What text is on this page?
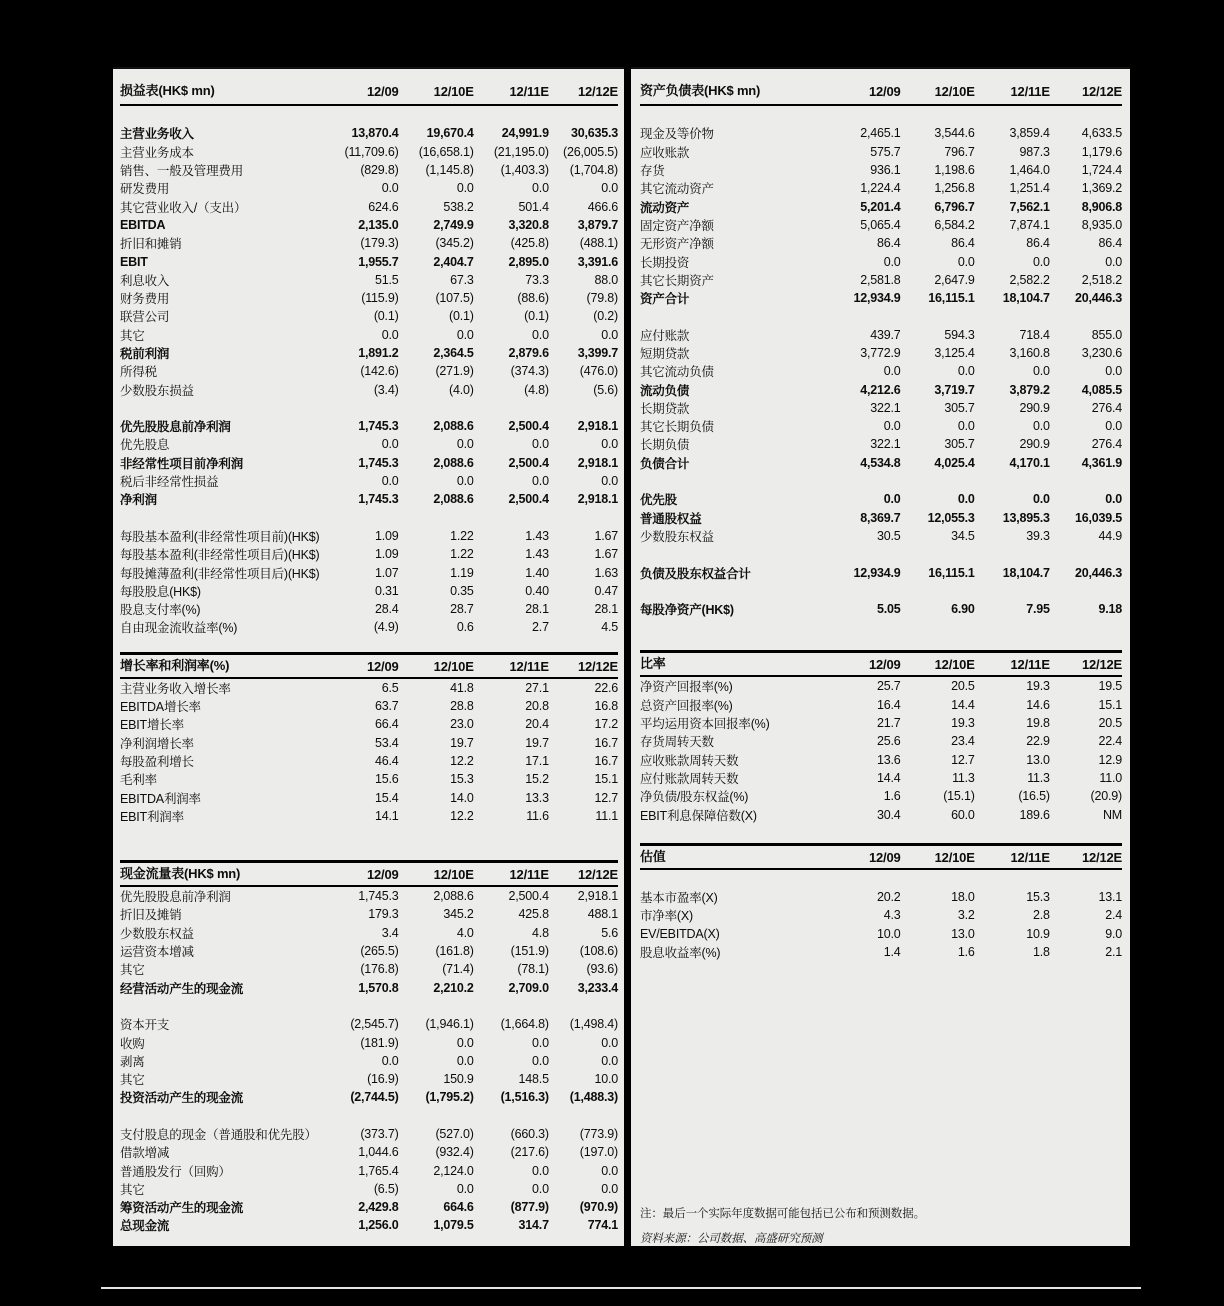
损益表(HK$ mn)	12/09	12/10E	12/11E	12/12E

主营业务收入	13,870.4	19,670.4	24,991.9	30,635.3
主营业务成本	(11,709.6)	(16,658.1)	(21,195.0)	(26,005.5)
销售、一般及管理费用	(829.8)	(1,145.8)	(1,403.3)	(1,704.8)
研发费用	0.0	0.0	0.0	0.0
其它营业收入/（支出）	624.6	538.2	501.4	466.6
EBITDA	2,135.0	2,749.9	3,320.8	3,879.7
折旧和摊销	(179.3)	(345.2)	(425.8)	(488.1)
EBIT	1,955.7	2,404.7	2,895.0	3,391.6
利息收入	51.5	67.3	73.3	88.0
财务费用	(115.9)	(107.5)	(88.6)	(79.8)
联营公司	(0.1)	(0.1)	(0.1)	(0.2)
其它	0.0	0.0	0.0	0.0
税前利润	1,891.2	2,364.5	2,879.6	3,399.7
所得税	(142.6)	(271.9)	(374.3)	(476.0)
少数股东损益	(3.4)	(4.0)	(4.8)	(5.6)

优先股股息前净利润	1,745.3	2,088.6	2,500.4	2,918.1
优先股息	0.0	0.0	0.0	0.0
非经常性项目前净利润	1,745.3	2,088.6	2,500.4	2,918.1
税后非经常性损益	0.0	0.0	0.0	0.0
净利润	1,745.3	2,088.6	2,500.4	2,918.1

每股基本盈利(非经常性项目前)(HK$)	1.09	1.22	1.43	1.67
每股基本盈利(非经常性项目后)(HK$)	1.09	1.22	1.43	1.67
每股摊薄盈利(非经常性项目后)(HK$)	1.07	1.19	1.40	1.63
每股股息(HK$)	0.31	0.35	0.40	0.47
股息支付率(%)	28.4	28.7	28.1	28.1
自由现金流收益率(%)	(4.9)	0.6	2.7	4.5
增长率和利润率(%)	12/09	12/10E	12/11E	12/12E
主营业务收入增长率	6.5	41.8	27.1	22.6
EBITDA增长率	63.7	28.8	20.8	16.8
EBIT增长率	66.4	23.0	20.4	17.2
净利润增长率	53.4	19.7	19.7	16.7
每股盈利增长	46.4	12.2	17.1	16.7
毛利率	15.6	15.3	15.2	15.1
EBITDA利润率	15.4	14.0	13.3	12.7
EBIT利润率	14.1	12.2	11.6	11.1
现金流量表(HK$ mn)	12/09	12/10E	12/11E	12/12E
优先股股息前净利润	1,745.3	2,088.6	2,500.4	2,918.1
折旧及摊销	179.3	345.2	425.8	488.1
少数股东权益	3.4	4.0	4.8	5.6
运营资本增减	(265.5)	(161.8)	(151.9)	(108.6)
其它	(176.8)	(71.4)	(78.1)	(93.6)
经营活动产生的现金流	1,570.8	2,210.2	2,709.0	3,233.4

资本开支	(2,545.7)	(1,946.1)	(1,664.8)	(1,498.4)
收购	(181.9)	0.0	0.0	0.0
剥离	0.0	0.0	0.0	0.0
其它	(16.9)	150.9	148.5	10.0
投资活动产生的现金流	(2,744.5)	(1,795.2)	(1,516.3)	(1,488.3)

支付股息的现金（普通股和优先股）	(373.7)	(527.0)	(660.3)	(773.9)
借款增减	1,044.6	(932.4)	(217.6)	(197.0)
普通股发行（回购）	1,765.4	2,124.0	0.0	0.0
其它	(6.5)	0.0	0.0	0.0
筹资活动产生的现金流	2,429.8	664.6	(877.9)	(970.9)
总现金流	1,256.0	1,079.5	314.7	774.1
资产负债表(HK$ mn)	12/09	12/10E	12/11E	12/12E

现金及等价物	2,465.1	3,544.6	3,859.4	4,633.5
应收账款	575.7	796.7	987.3	1,179.6
存货	936.1	1,198.6	1,464.0	1,724.4
其它流动资产	1,224.4	1,256.8	1,251.4	1,369.2
流动资产	5,201.4	6,796.7	7,562.1	8,906.8
固定资产净额	5,065.4	6,584.2	7,874.1	8,935.0
无形资产净额	86.4	86.4	86.4	86.4
长期投资	0.0	0.0	0.0	0.0
其它长期资产	2,581.8	2,647.9	2,582.2	2,518.2
资产合计	12,934.9	16,115.1	18,104.7	20,446.3

应付账款	439.7	594.3	718.4	855.0
短期贷款	3,772.9	3,125.4	3,160.8	3,230.6
其它流动负债	0.0	0.0	0.0	0.0
流动负债	4,212.6	3,719.7	3,879.2	4,085.5
长期贷款	322.1	305.7	290.9	276.4
其它长期负债	0.0	0.0	0.0	0.0
长期负债	322.1	305.7	290.9	276.4
负债合计	4,534.8	4,025.4	4,170.1	4,361.9

优先股	0.0	0.0	0.0	0.0
普通股权益	8,369.7	12,055.3	13,895.3	16,039.5
少数股东权益	30.5	34.5	39.3	44.9

负债及股东权益合计	12,934.9	16,115.1	18,104.7	20,446.3

每股净资产(HK$)	5.05	6.90	7.95	9.18
比率	12/09	12/10E	12/11E	12/12E
净资产回报率(%)	25.7	20.5	19.3	19.5
总资产回报率(%)	16.4	14.4	14.6	15.1
平均运用资本回报率(%)	21.7	19.3	19.8	20.5
存货周转天数	25.6	23.4	22.9	22.4
应收账款周转天数	13.6	12.7	13.0	12.9
应付账款周转天数	14.4	11.3	11.3	11.0
净负债/股东权益(%)	1.6	(15.1)	(16.5)	(20.9)
EBIT利息保障倍数(X)	30.4	60.0	189.6	NM
估值	12/09	12/10E	12/11E	12/12E

基本市盈率(X)	20.2	18.0	15.3	13.1
市净率(X)	4.3	3.2	2.8	2.4
EV/EBITDA(X)	10.0	13.0	10.9	9.0
股息收益率(%)	1.4	1.6	1.8	2.1
注：最后一个实际年度数据可能包括已公布和预测数据。
资料来源：公司数据、高盛研究预测
